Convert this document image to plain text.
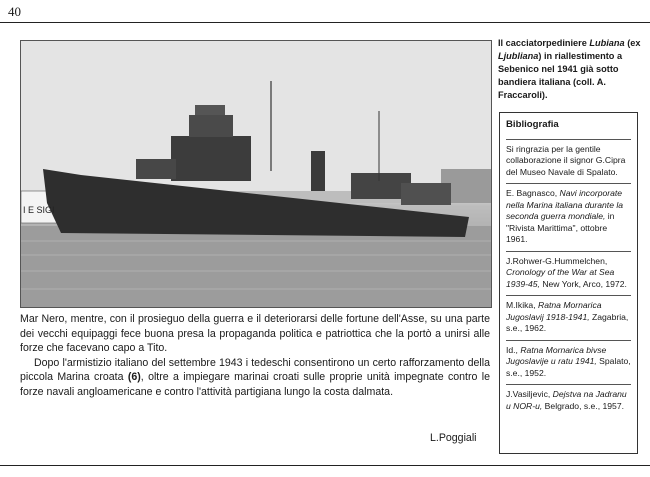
40
I E SIGI
Il cacciatorpediniere Lubiana (ex Ljubliana) in riallestimento a Sebenico nel 1941 già sotto bandiera italiana (coll. A. Fraccaroli).
Bibliografia
Si ringrazia per la gentile collaborazione il signor G.Cipra del Museo Navale di Spalato.
E. Bagnasco, Navi incorporate nella Marina italiana durante la seconda guerra mondiale, in "Rivista Marittima", ottobre 1961.
J.Rohwer-G.Hummelchen, Cronology of the War at Sea 1939-45, New York, Arco, 1972.
M.Ikika, Ratna Mornarica Jugoslavij 1918-1941, Zagabria, s.e., 1962.
Id., Ratna Mornarica bivse Jugoslavije u ratu 1941, Spalato, s.e., 1952.
J.Vasiljevic, Dejstva na Jadranu u NOR-u, Belgrado, s.e., 1957.

Mar Nero, mentre, con il prosieguo della guerra e il deteriorarsi delle fortune dell'Asse, su una parte dei vecchi equipaggi fece buona presa la propaganda politica e patriottica che la portò a unirsi alle forze che facevano capo a Tito.

Dopo l'armistizio italiano del settembre 1943 i tedeschi consentirono un certo rafforzamento della piccola Marina croata (6), oltre a impiegare marinai croati sulle proprie unità impegnate contro le forze navali angloamericane e contro l'attività partigiana lungo la costa dalmata.

L.Poggiali
